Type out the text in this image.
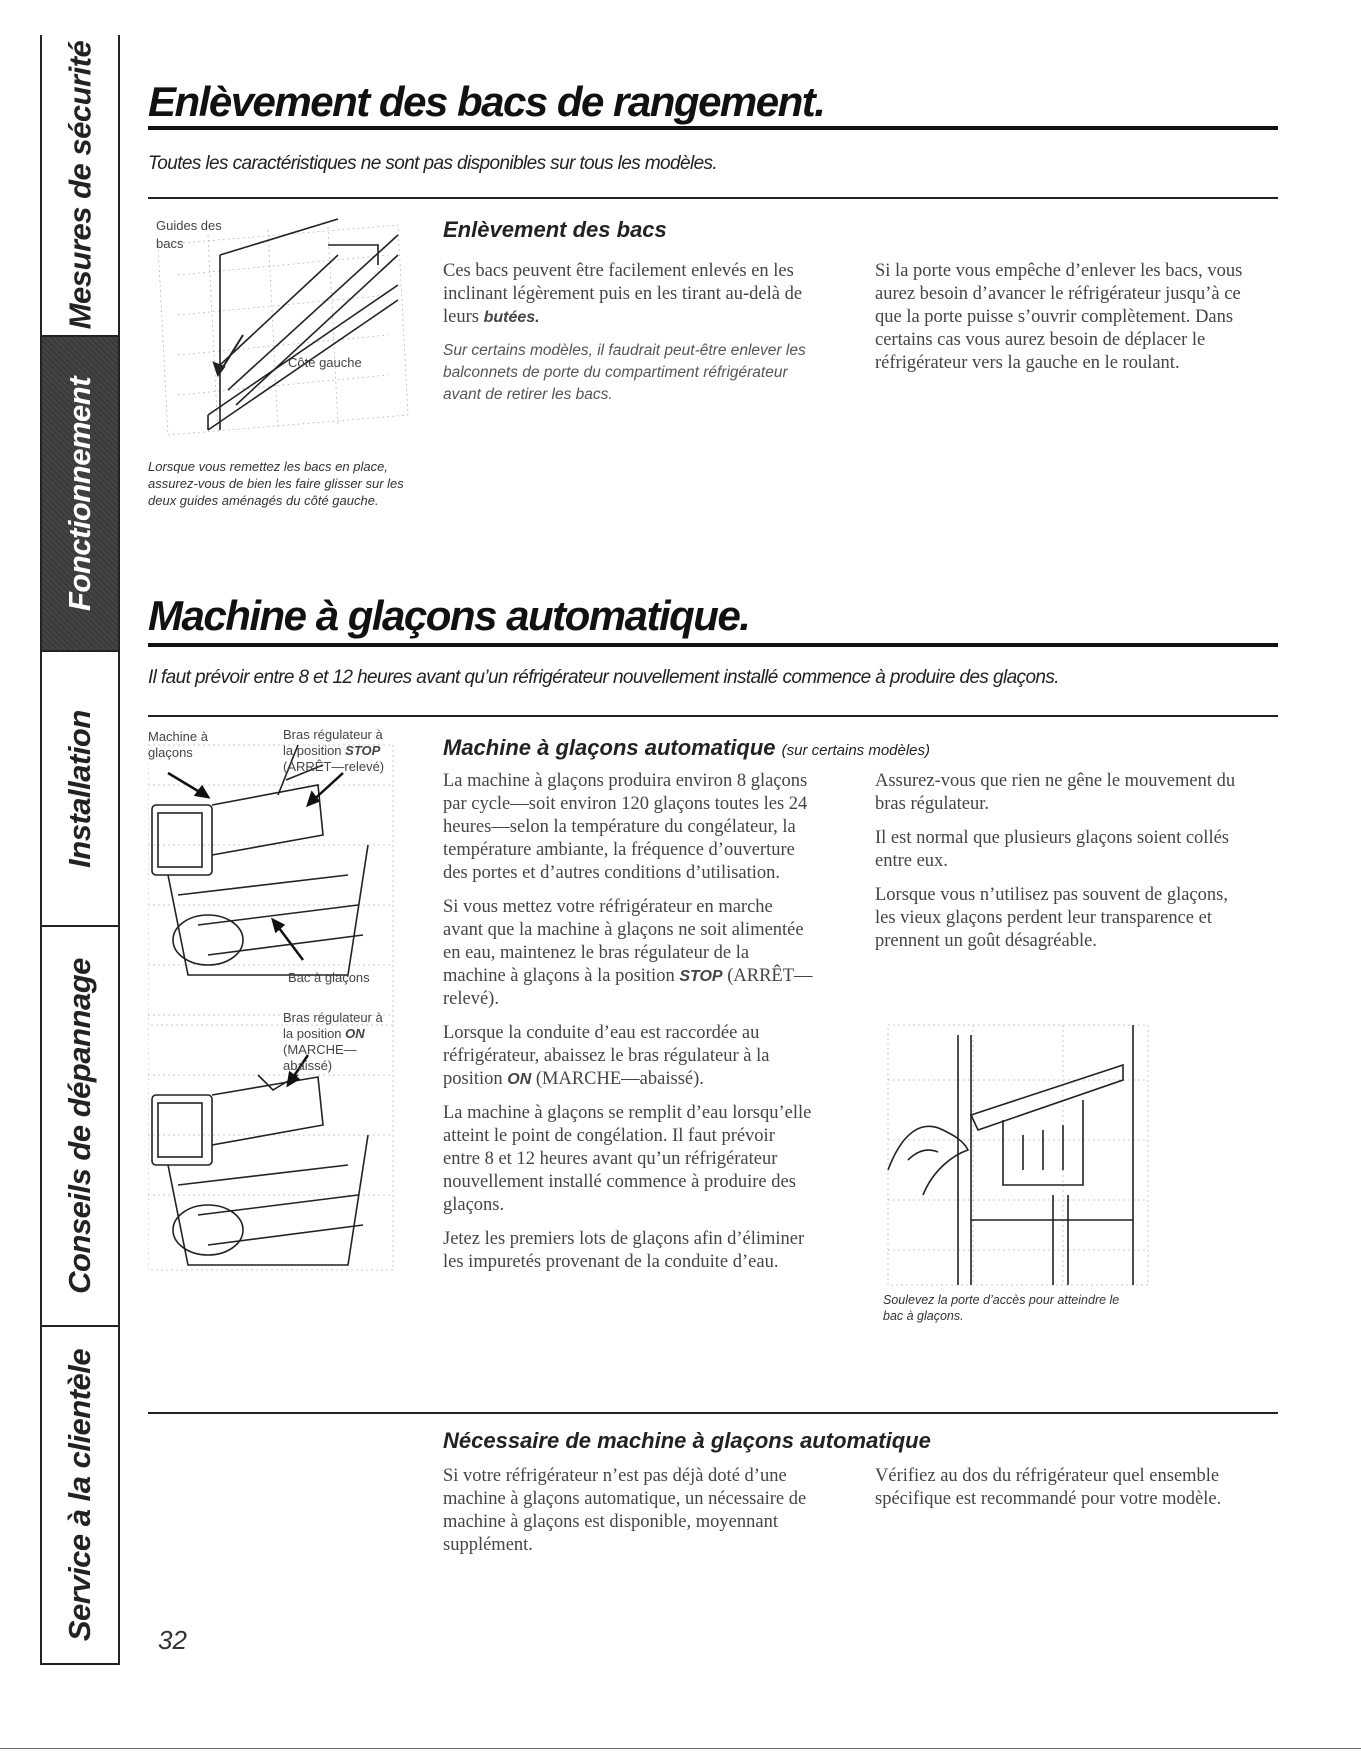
Mesures de sécurité
Fonctionnement
Installation
Conseils de dépannage
Service à la clientèle
Enlèvement des bacs de rangement.
Toutes les caractéristiques ne sont pas disponibles sur tous les modèles.
Guides des
bacs
Côté gauche
Lorsque vous remettez les bacs en place, assurez-vous de bien les faire glisser sur les deux guides aménagés du côté gauche.
Enlèvement des bacs

Ces bacs peuvent être facilement enlevés en les inclinant légèrement puis en les tirant au-delà de leurs butées.

Sur certains modèles, il faudrait peut-être enlever les balconnets de porte du compartiment réfrigérateur avant de retirer les bacs.

Si la porte vous empêche d’enlever les bacs, vous aurez besoin d’avancer le réfrigérateur jusqu’à ce que la porte puisse s’ouvrir complètement. Dans certains cas vous aurez besoin de déplacer le réfrigérateur vers la gauche en le roulant.

Machine à glaçons automatique.
Il faut prévoir entre 8 et 12 heures avant qu’un réfrigérateur nouvellement installé commence à produire des glaçons.
Machine à
glaçons
Bras régulateur à
la position STOP
(ARRÊT—relevé)
Bac à glaçons
Bras régulateur à
la position ON
(MARCHE—
abaissé)
Machine à glaçons automatique (sur certains modèles)

La machine à glaçons produira environ 8 glaçons par cycle—soit environ 120 glaçons toutes les 24 heures—selon la température du congélateur, la température ambiante, la fréquence d’ouverture des portes et d’autres conditions d’utilisation.

Si vous mettez votre réfrigérateur en marche avant que la machine à glaçons ne soit alimentée en eau, maintenez le bras régulateur de la machine à glaçons à la position STOP (ARRÊT—relevé).

Lorsque la conduite d’eau est raccordée au réfrigérateur, abaissez le bras régulateur à la position ON (MARCHE—abaissé).

La machine à glaçons se remplit d’eau lorsqu’elle atteint le point de congélation. Il faut prévoir entre 8 et 12 heures avant qu’un réfrigérateur nouvellement installé commence à produire des glaçons.

Jetez les premiers lots de glaçons afin d’éliminer les impuretés provenant de la conduite d’eau.

Assurez-vous que rien ne gêne le mouvement du bras régulateur.

Il est normal que plusieurs glaçons soient collés entre eux.

Lorsque vous n’utilisez pas souvent de glaçons, les vieux glaçons perdent leur transparence et prennent un goût désagréable.

Soulevez la porte d’accès pour atteindre le bac à glaçons.
Nécessaire de machine à glaçons automatique

Si votre réfrigérateur n’est pas déjà doté d’une machine à glaçons automatique, un nécessaire de machine à glaçons est disponible, moyennant supplément.

Vérifiez au dos du réfrigérateur quel ensemble spécifique est recommandé pour votre modèle.

32
